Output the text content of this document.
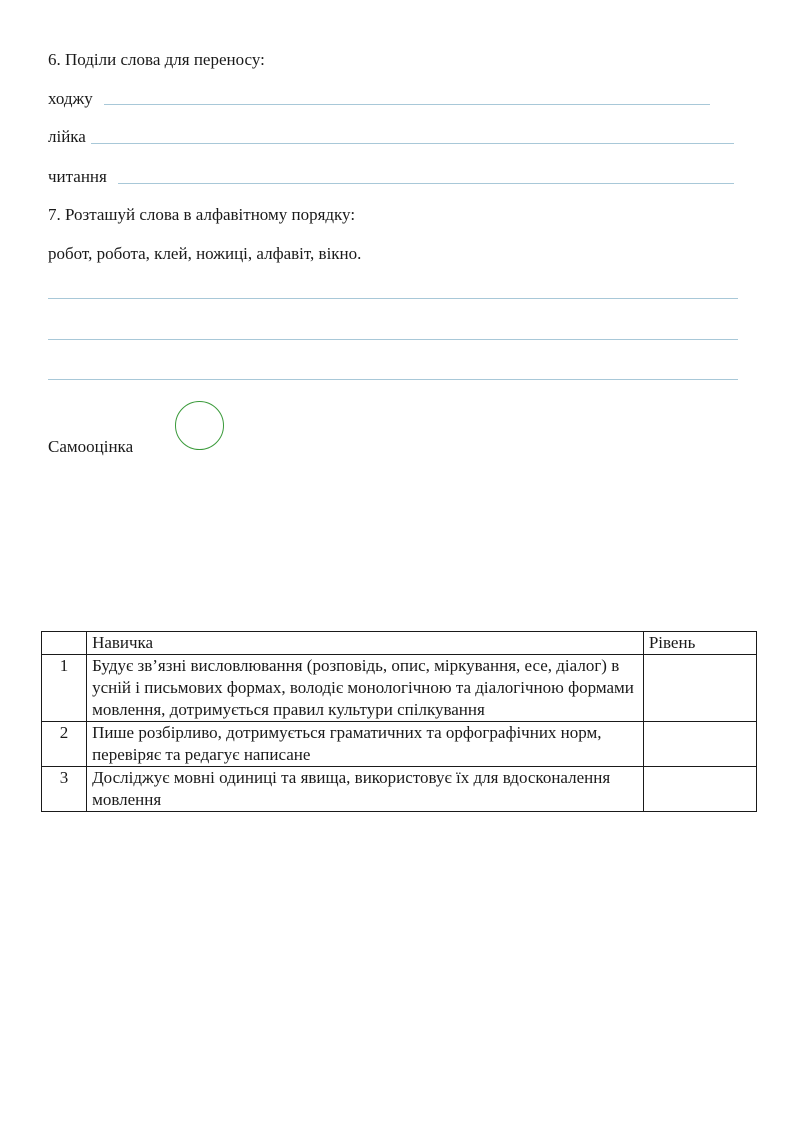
6. Поділи слова для переносу:
ходжу
лійка
читання
7. Розташуй слова в алфавітному порядку:
робот, робота, клей, ножиці, алфавіт, вікно.
Самооцінка
	Навичка	Рівень
1	Будує зв’язні висловлювання (розповідь, опис, міркування, есе, діалог) в усній і письмових формах, володіє монологічною та діалогічною формами мовлення, дотримується правил культури спілкування	
2	Пише розбірливо, дотримується граматичних та орфографічних норм, перевіряє та редагує написане	
3	Досліджує мовні одиниці та явища, використовує їх для вдосконалення мовлення	
